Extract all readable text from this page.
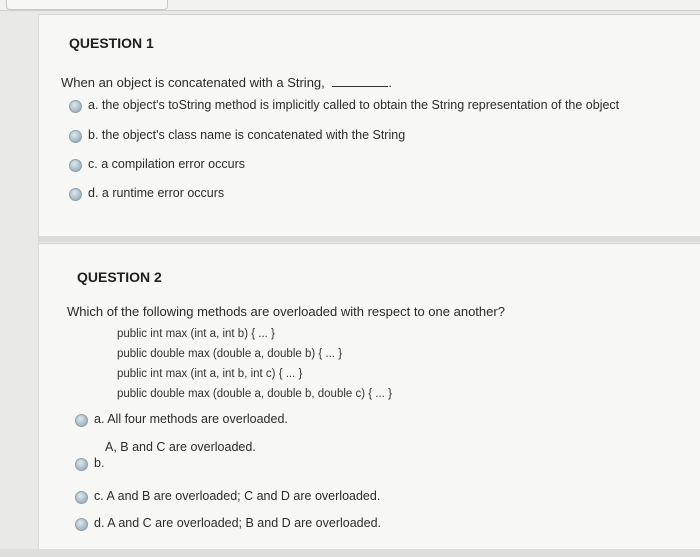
QUESTION 1
When an object is concatenated with a String,	.
a. the object's toString method is implicitly called to obtain the String representation of the object
b. the object's class name is concatenated with the String
c. a compilation error occurs
d. a runtime error occurs
QUESTION 2
Which of the following methods are overloaded with respect to one another?
public int max (int a, int b) { ... }
public double max (double a, double b) { ... }
public int max (int a, int b, int c) { ... }
public double max (double a, double b, double c) { ... }
a. All four methods are overloaded.
b.
A, B and C are overloaded.
c. A and B are overloaded; C and D are overloaded.
d. A and C are overloaded; B and D are overloaded.
